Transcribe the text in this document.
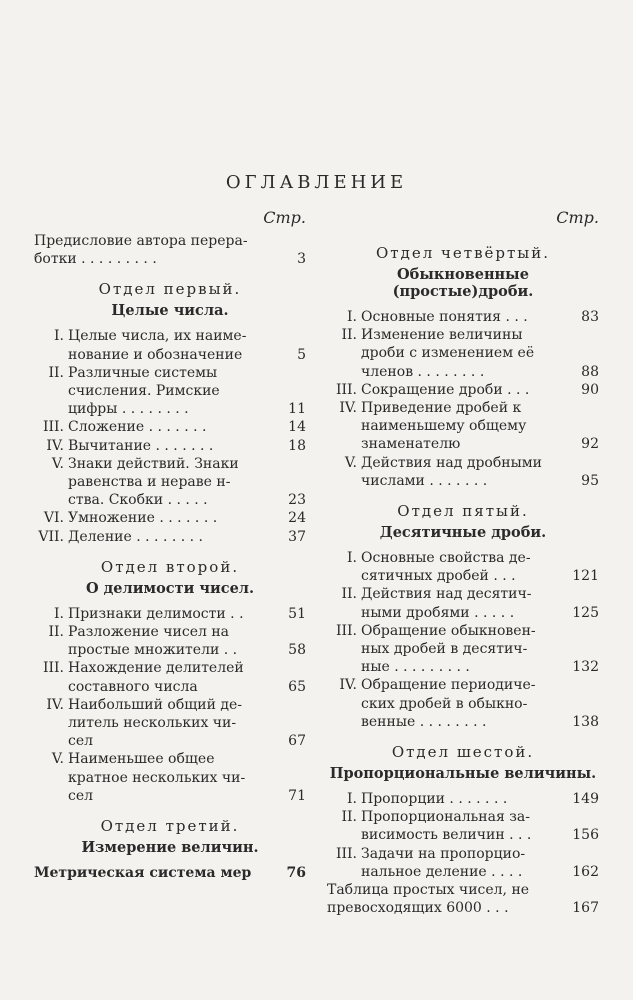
ОГЛАВЛЕНИЕ
Стр.
Предисловие автора перера-
ботки . . . . . . . . .	3
Отдел первый.
Целые числа.
I. Целые числа, их наиме-
нование и обозначение	5
II. Различные системы
счисления. Римские
цифры . . . . . . . .	11
III. Сложение . . . . . . .	14
IV. Вычитание . . . . . . .	18
V. Знаки действий. Знаки
равенства и нераве н-
ства. Скобки . . . . .	23
VI. Умножение . . . . . . .	24
VII. Деление . . . . . . . .	37
Отдел второй.
О делимости чисел.
I. Признаки делимости . .	51
II. Разложение чисел на
простые множители . .	58
III. Нахождение делителей
составного числа	65
IV. Наибольший общий де-
литель нескольких чи-
сел	67
V. Наименьшее общее
кратное нескольких чи-
сел	71
Отдел третий.
Измерение величин.
Метрическая система мер	76
Стр.
Отдел четвёртый.
Обыкновенные (простые)дроби.
I. Основные понятия . . .	83
II. Изменение величины
дроби с изменением её
членов . . . . . . . .	88
III. Сокращение дроби . . .	90
IV. Приведение дробей к
наименьшему общему
знаменателю	92
V. Действия над дробными
числами . . . . . . .	95
Отдел пятый.
Десятичные дроби.
I. Основные свойства де-
сятичных дробей . . .	121
II. Действия над десятич-
ными дробями . . . . .	125
III. Обращение обыкновен-
ных дробей в десятич-
ные . . . . . . . . .	132
IV. Обращение периодиче-
ских дробей в обыкно-
венные . . . . . . . .	138
Отдел шестой.
Пропорциональные величины.
I. Пропорции . . . . . . .	149
II. Пропорциональная за-
висимость величин . . .	156
III. Задачи на пропорцио-
нальное деление . . . .	162
Таблица простых чисел, не
превосходящих 6000 . . .	167
